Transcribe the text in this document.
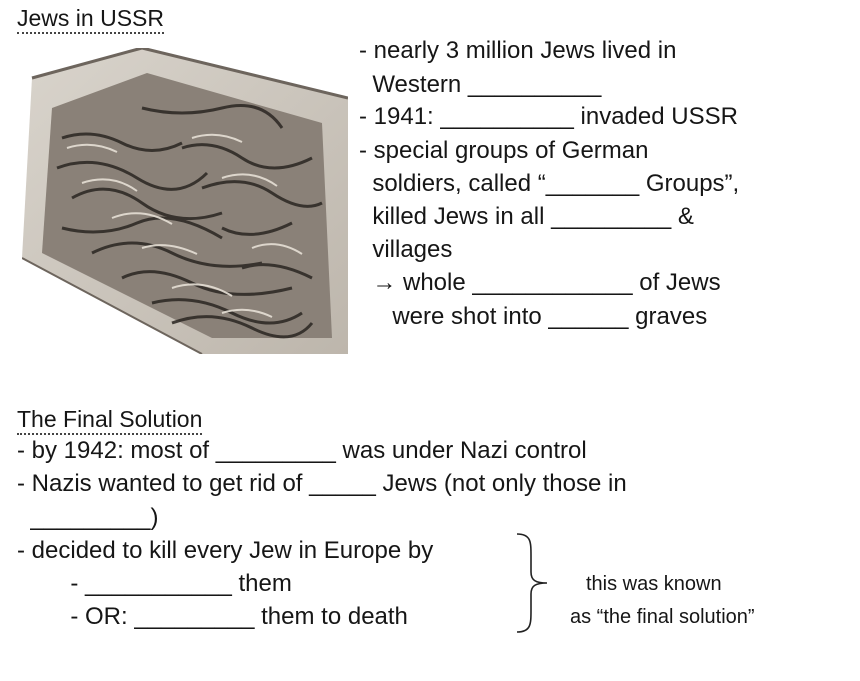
Jews in USSR

- nearly 3 million Jews lived in

Western __________

- 1941: __________ invaded USSR

- special groups of German

soldiers, called “_______ Groups”,

killed Jews in all _________ &

villages

→ whole ____________ of Jews

were shot into ______ graves

The Final Solution

- by 1942: most of _________ was under Nazi control

- Nazis wanted to get rid of _____ Jews (not only those in

_________)

- decided to kill every Jew in Europe by

- ___________ them

- OR: _________ them to death

this was known

as “the final solution”
